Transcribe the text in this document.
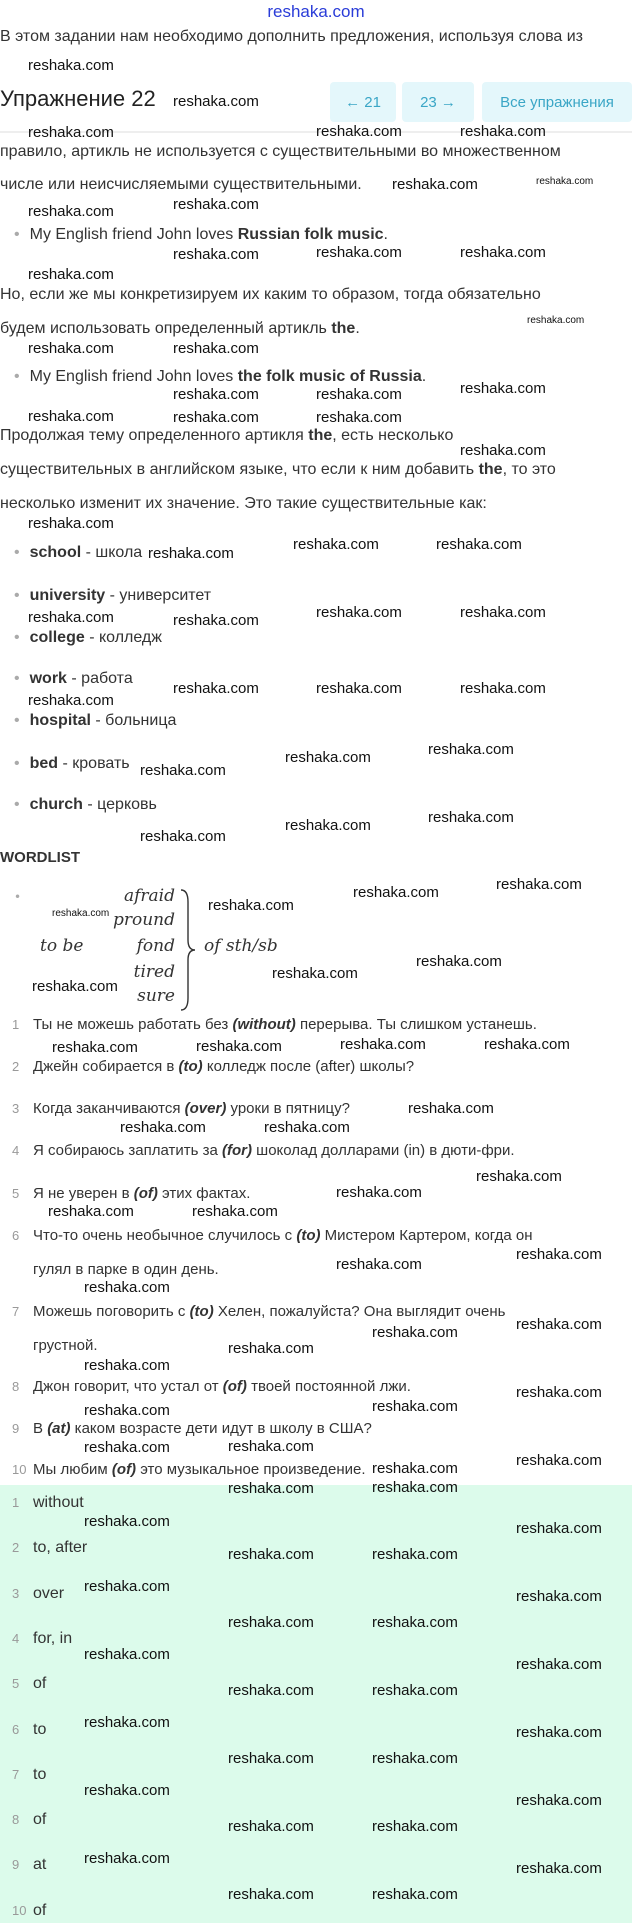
reshaka.com
В этом задании нам необходимо дополнить предложения, используя слова из
Упражнение 22	← 21	23 →	Все упражнения
правило, артикль не используется с существительными во множественном
числе или неисчисляемыми существительными.
• My English friend John loves Russian folk music.
Но, если же мы конкретизируем их каким то образом, тогда обязательно
будем использовать определенный артикль the.
• My English friend John loves the folk music of Russia.
Продолжая тему определенного артикля the, есть несколько
существительных в английском языке, что если к ним добавить the, то это
несколько изменит их значение. Это такие существительные как:
• school - школа
• university - университет
• college - колледж
• work - работа
• hospital - больница
• bed - кровать
• church - церковь
WORDLIST
•
to be
afraid
pround
fond
tired
sure
of sth/sb
1 Ты не можешь работать без (without) перерыва. Ты слишком устанешь.
2 Джейн собирается в (to) колледж после (after) школы?
3 Когда заканчиваются (over) уроки в пятницу?
4 Я собираюсь заплатить за (for) шоколад долларами (in) в дюти-фри.
5 Я не уверен в (of) этих фактах.
6 Что-то очень необычное случилось с (to) Мистером Картером, когда он
гулял в парке в один день.
7 Можешь поговорить с (to) Хелен, пожалуйста? Она выглядит очень
грустной.
8 Джон говорит, что устал от (of) твоей постоянной лжи.
9 В (at) каком возрасте дети идут в школу в США?
10 Мы любим (of) это музыкальное произведение.
1 without
2 to, after
3 over
4 for, in
5 of
6 to
7 to
8 of
9 at
10 of
reshaka.com
reshaka.com
reshaka.com	reshaka.com
reshaka.com
reshaka.com
reshaka.com
reshaka.com
reshaka.com	reshaka.com	reshaka.com
reshaka.com
reshaka.com
reshaka.com
reshaka.com	reshaka.com	reshaka.com
reshaka.com	reshaka.com	reshaka.com
reshaka.com
reshaka.com
reshaka.com
reshaka.com	reshaka.com
reshaka.com	reshaka.com	reshaka.com	reshaka.com
reshaka.com
reshaka.com	reshaka.com	reshaka.com
reshaka.com
reshaka.com	reshaka.com
reshaka.com
reshaka.com	reshaka.com
reshaka.com
reshaka.com	reshaka.com
reshaka.com
reshaka.com
reshaka.com
reshaka.com	reshaka.com	reshaka.com	reshaka.com
reshaka.com
reshaka.com	reshaka.com
reshaka.com
reshaka.com	reshaka.com
reshaka.com
reshaka.com
reshaka.com
reshaka.com
reshaka.com
reshaka.com
reshaka.com
reshaka.com
reshaka.com
reshaka.com	reshaka.com
reshaka.com
reshaka.com	reshaka.com
reshaka.com
reshaka.com	reshaka.com
reshaka.com	reshaka.com
reshaka.com	reshaka.com
reshaka.com
reshaka.com
reshaka.com	reshaka.com
reshaka.com
reshaka.com
reshaka.com	reshaka.com
reshaka.com
reshaka.com
reshaka.com	reshaka.com
reshaka.com
reshaka.com
reshaka.com	reshaka.com
reshaka.com
reshaka.com
reshaka.com	reshaka.com
reshaka.com
reshaka.com
reshaka.com
